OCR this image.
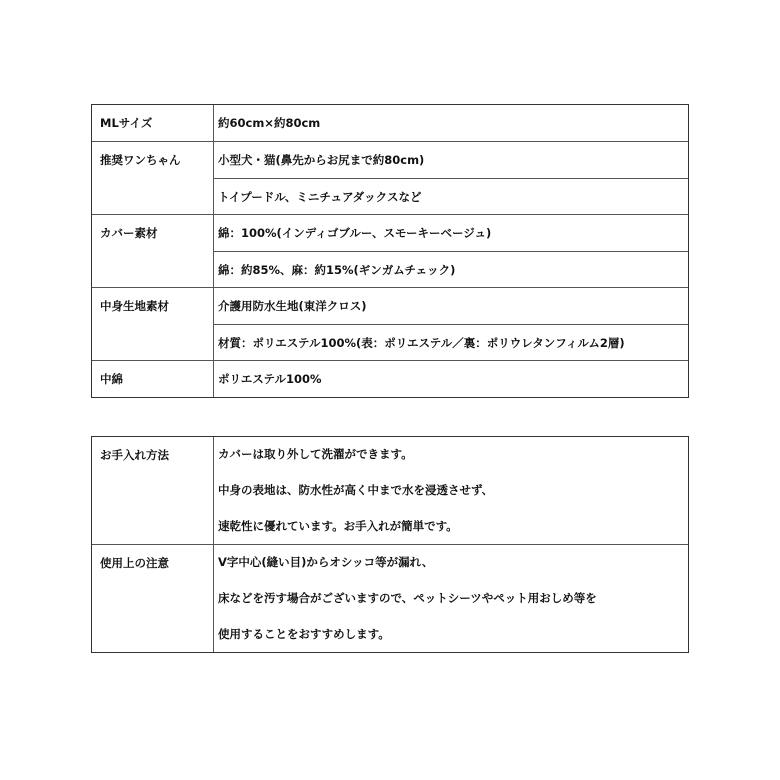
MLサイズ	約60cm×約80cm
推奨ワンちゃん	小型犬・猫(鼻先からお尻まで約80cm)
トイプードル、ミニチュアダックスなど
カバー素材	綿：100%(インディゴブルー、スモーキーベージュ)
綿：約85%、麻：約15%(ギンガムチェック)
中身生地素材	介護用防水生地(東洋クロス)
材質：ポリエステル100%(表：ポリエステル／裏：ポリウレタンフィルム2層)
中綿	ポリエステル100%
お手入れ方法	カバーは取り外して洗濯ができます。
中身の表地は、防水性が高く中まで水を浸透させず、
速乾性に優れています。お手入れが簡単です。
使用上の注意	V字中心(縫い目)からオシッコ等が漏れ、
床などを汚す場合がございますので、ペットシーツやペット用おしめ等を
使用することをおすすめします。
